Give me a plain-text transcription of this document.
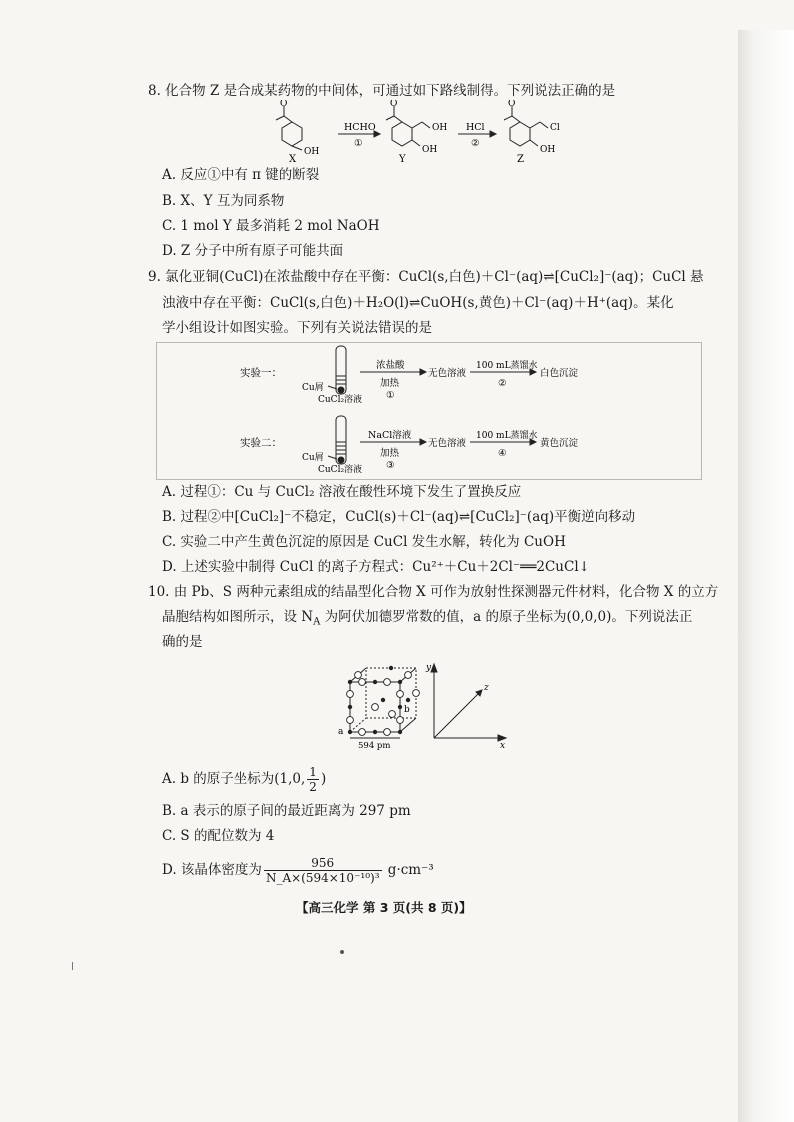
8. 化合物 Z 是合成某药物的中间体，可通过如下路线制得。下列说法正确的是
O
OH
X
HCHO
①
O
OH
OH
Y
HCl
②
O
Cl
OH
Z
A. 反应①中有 π 键的断裂
B. X、Y 互为同系物
C. 1 mol Y 最多消耗 2 mol NaOH
D. Z 分子中所有原子可能共面
9. 氯化亚铜(CuCl)在浓盐酸中存在平衡：CuCl(s,白色)＋Cl⁻(aq)⇌[CuCl₂]⁻(aq)；CuCl 悬
浊液中存在平衡：CuCl(s,白色)＋H₂O(l)⇌CuOH(s,黄色)＋Cl⁻(aq)＋H⁺(aq)。某化
学小组设计如图实验。下列有关说法错误的是
实验一：
Cu屑
CuCl₂溶液
浓盐酸
加热
①
无色溶液
100 mL蒸馏水
②
白色沉淀
实验二：
Cu屑
CuCl₂溶液
NaCl溶液
加热
③
无色溶液
100 mL蒸馏水
④
黄色沉淀
A. 过程①：Cu 与 CuCl₂ 溶液在酸性环境下发生了置换反应
B. 过程②中[CuCl₂]⁻不稳定，CuCl(s)＋Cl⁻(aq)⇌[CuCl₂]⁻(aq)平衡逆向移动
C. 实验二中产生黄色沉淀的原因是 CuCl 发生水解，转化为 CuOH
D. 上述实验中制得 CuCl 的离子方程式：Cu²⁺＋Cu＋2Cl⁻══2CuCl↓
10. 由 Pb、S 两种元素组成的结晶型化合物 X 可作为放射性探测器元件材料，化合物 X 的立方
晶胞结构如图所示，设 $N_A$ 为阿伏加德罗常数的值，a 的原子坐标为(0,0,0)。下列说法正
确的是
a
b
594 pm
y
z
x
A. b 的原子坐标为(1,0, $\frac{1}{2}$ )
B. a 表示的原子间的最近距离为 297 pm
C. S 的配位数为 4
D. 该晶体密度为 $\frac{956}{\text{N\_A×(594×10⁻¹⁰)³}} g\cdot cm^{-3}$
【高三化学 第 3 页(共 8 页)】
